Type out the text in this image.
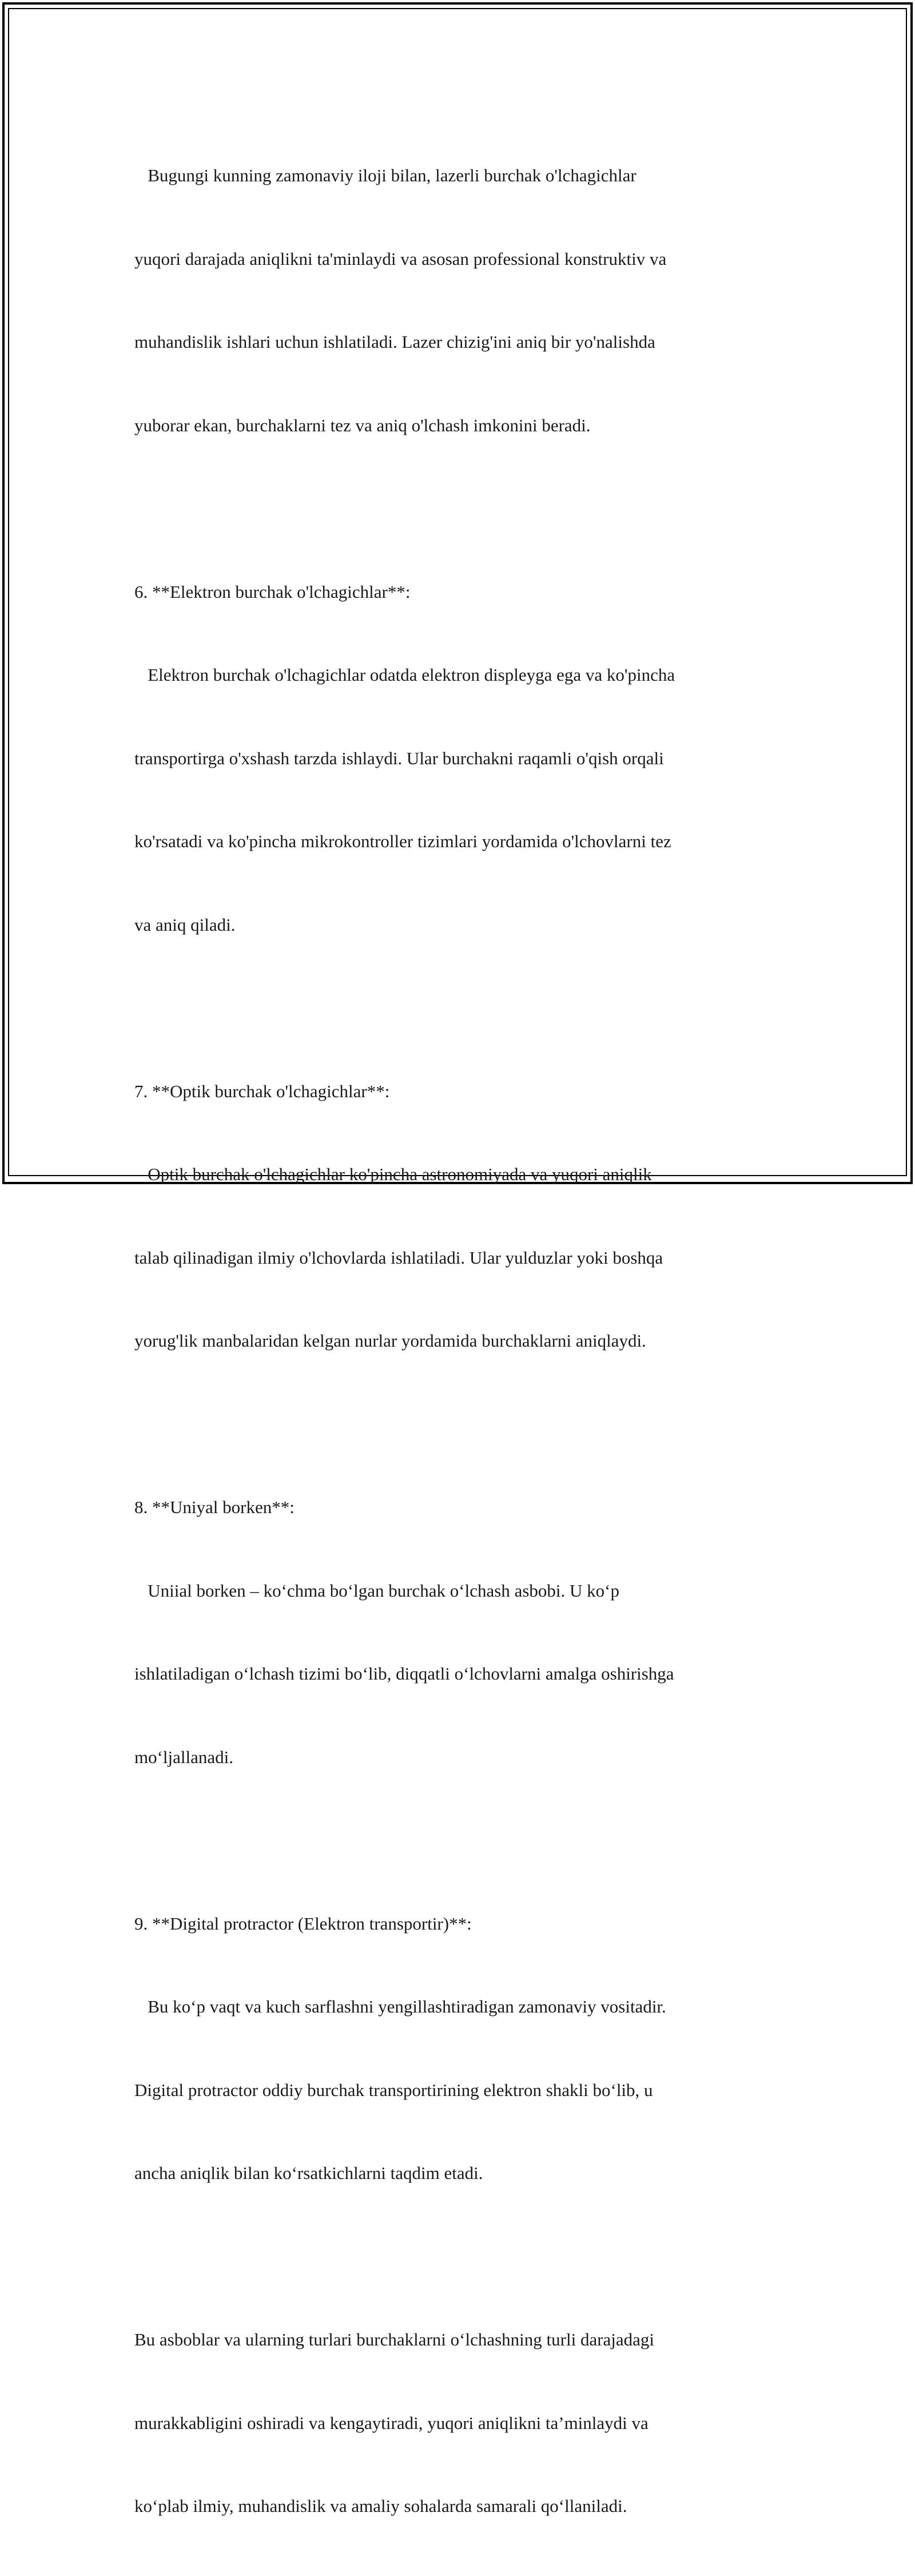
Bugungi kunning zamonaviy iloji bilan, lazerli burchak o'lchagichlar

yuqori darajada aniqlikni ta'minlaydi va asosan professional konstruktiv va

muhandislik ishlari uchun ishlatiladi. Lazer chizig'ini aniq bir yo'nalishda

yuborar ekan, burchaklarni tez va aniq o'lchash imkonini beradi.

6. **Elektron burchak o'lchagichlar**:

Elektron burchak o'lchagichlar odatda elektron displeyga ega va ko'pincha

transportirga o'xshash tarzda ishlaydi. Ular burchakni raqamli o'qish orqali

ko'rsatadi va ko'pincha mikrokontroller tizimlari yordamida o'lchovlarni tez

va aniq qiladi.

7. **Optik burchak o'lchagichlar**:

Optik burchak o'lchagichlar ko'pincha astronomiyada va yuqori aniqlik

talab qilinadigan ilmiy o'lchovlarda ishlatiladi. Ular yulduzlar yoki boshqa

yorug'lik manbalaridan kelgan nurlar yordamida burchaklarni aniqlaydi.

8. **Uniyal borken**:

Uniial borken – ko‘chma bo‘lgan burchak o‘lchash asbobi. U ko‘p

ishlatiladigan o‘lchash tizimi bo‘lib, diqqatli o‘lchovlarni amalga oshirishga

mo‘ljallanadi.

9. **Digital protractor (Elektron transportir)**:

Bu ko‘p vaqt va kuch sarflashni yengillashtiradigan zamonaviy vositadir.

Digital protractor oddiy burchak transportirining elektron shakli bo‘lib, u

ancha aniqlik bilan ko‘rsatkichlarni taqdim etadi.

Bu asboblar va ularning turlari burchaklarni o‘lchashning turli darajadagi

murakkabligini oshiradi va kengaytiradi, yuqori aniqlikni ta’minlaydi va

ko‘plab ilmiy, muhandislik va amaliy sohalarda samarali qo‘llaniladi.
